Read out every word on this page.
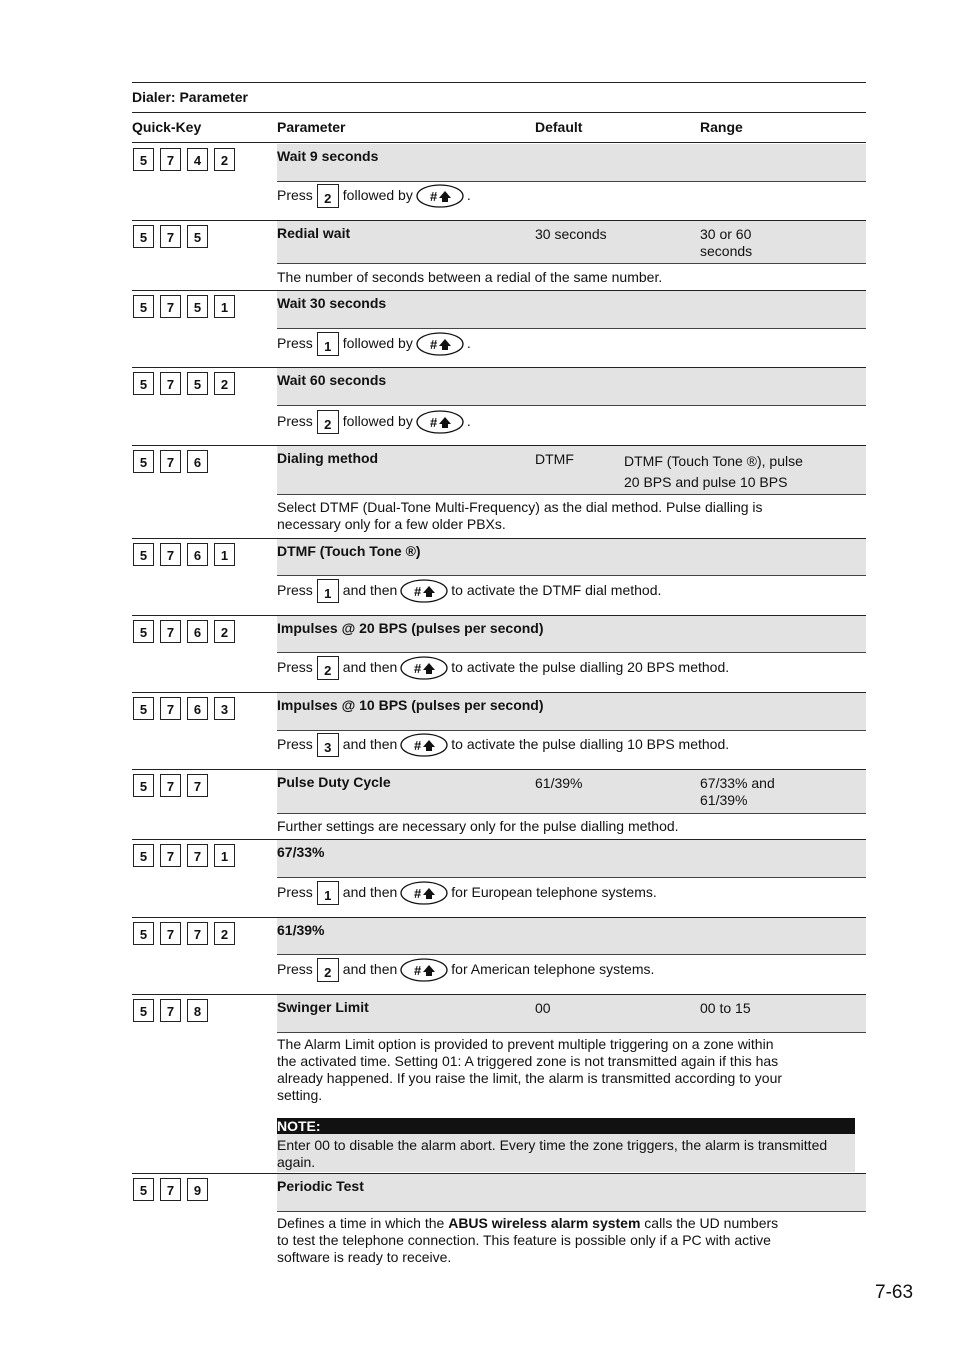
Dialer: Parameter
Quick-Key	Parameter	Default	Range
5	7	4	2	Wait 9 seconds
Press 2 followed by # .
5	7	5	Redial wait	30 seconds	30 or 60
seconds
The number of seconds between a redial of the same number.
5	7	5	1	Wait 30 seconds
Press 1 followed by # .
5	7	5	2	Wait 60 seconds
Press 2 followed by # .
5	7	6	Dialing method	DTMF	DTMF (Touch Tone ®), pulse
20 BPS and pulse 10 BPS
Select DTMF (Dual-Tone Multi-Frequency) as the dial method. Pulse dialling is
necessary only for a few older PBXs.
5	7	6	1	DTMF (Touch Tone ®)
Press 1 and then # to activate the DTMF dial method.
5	7	6	2	Impulses @ 20 BPS (pulses per second)
Press 2 and then # to activate the pulse dialling 20 BPS method.
5	7	6	3	Impulses @ 10 BPS (pulses per second)
Press 3 and then # to activate the pulse dialling 10 BPS method.
5	7	7	Pulse Duty Cycle	61/39%	67/33% and
61/39%
Further settings are necessary only for the pulse dialling method.
5	7	7	1	67/33%
Press 1 and then # for European telephone systems.
5	7	7	2	61/39%
Press 2 and then # for American telephone systems.
5	7	8	Swinger Limit	00	00 to 15
The Alarm Limit option is provided to prevent multiple triggering on a zone within
the activated time. Setting 01: A triggered zone is not transmitted again if this has
already happened. If you raise the limit, the alarm is transmitted according to your
setting.
NOTE:
Enter 00 to disable the alarm abort. Every time the zone triggers, the alarm is transmitted
again.
5	7	9	Periodic Test
Defines a time in which the ABUS wireless alarm system calls the UD numbers
to test the telephone connection. This feature is possible only if a PC with active
software is ready to receive.
7-63
